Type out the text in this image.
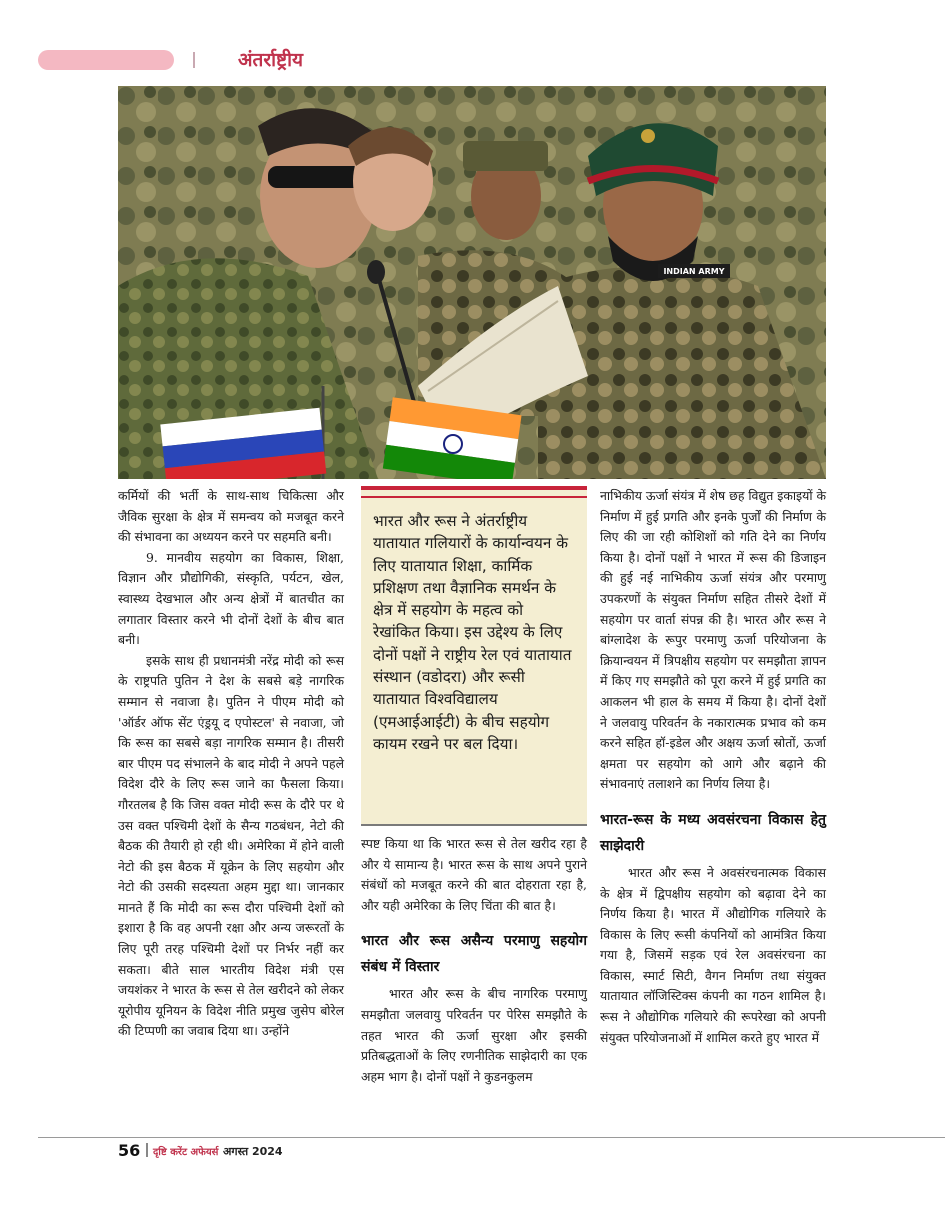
अंतर्राष्ट्रीय
INDIAN ARMY

कर्मियों की भर्ती के साथ-साथ चिकित्सा और जैविक सुरक्षा के क्षेत्र में समन्वय को मजबूत करने की संभावना का अध्ययन करने पर सहमति बनी।

9. मानवीय सहयोग का विकास, शिक्षा, विज्ञान और प्रौद्योगिकी, संस्कृति, पर्यटन, खेल, स्वास्थ्य देखभाल और अन्य क्षेत्रों में बातचीत का लगातार विस्तार करने भी दोनों देशों के बीच बात बनी।

इसके साथ ही प्रधानमंत्री नरेंद्र मोदी को रूस के राष्ट्रपति पुतिन ने देश के सबसे बड़े नागरिक सम्मान से नवाजा है। पुतिन ने पीएम मोदी को 'ऑर्डर ऑफ सेंट एंड्रयू द एपोस्टल' से नवाजा, जो कि रूस का सबसे बड़ा नागरिक सम्मान है। तीसरी बार पीएम पद संभालने के बाद मोदी ने अपने पहले विदेश दौरे के लिए रूस जाने का फैसला किया। गौरतलब है कि जिस वक्त मोदी रूस के दौरे पर थे उस वक्त पश्चिमी देशों के सैन्य गठबंधन, नेटो की बैठक की तैयारी हो रही थी। अमेरिका में होने वाली नेटो की इस बैठक में यूक्रेन के लिए सहयोग और नेटो की उसकी सदस्यता अहम मुद्दा था। जानकार मानते हैं कि मोदी का रूस दौरा पश्चिमी देशों को इशारा है कि वह अपनी रक्षा और अन्य जरूरतों के लिए पूरी तरह पश्चिमी देशों पर निर्भर नहीं कर सकता। बीते साल भारतीय विदेश मंत्री एस जयशंकर ने भारत के रूस से तेल खरीदने को लेकर यूरोपीय यूनियन के विदेश नीति प्रमुख जुसेप बोरेल की टिप्पणी का जवाब दिया था। उन्होंने

भारत और रूस ने अंतर्राष्ट्रीय यातायात गलियारों के कार्यान्वयन के लिए यातायात शिक्षा, कार्मिक प्रशिक्षण तथा वैज्ञानिक समर्थन के क्षेत्र में सहयोग के महत्व को रेखांकित किया। इस उद्देश्य के लिए दोनों पक्षों ने राष्ट्रीय रेल एवं यातायात संस्थान (वडोदरा) और रूसी यातायात विश्वविद्यालय (एमआईआईटी) के बीच सहयोग कायम रखने पर बल दिया।

स्पष्ट किया था कि भारत रूस से तेल खरीद रहा है और ये सामान्य है। भारत रूस के साथ अपने पुराने संबंधों को मजबूत करने की बात दोहराता रहा है, और यही अमेरिका के लिए चिंता की बात है।

भारत और रूस असैन्य परमाणु सहयोग संबंध में विस्तार

भारत और रूस के बीच नागरिक परमाणु समझौता जलवायु परिवर्तन पर पेरिस समझौते के तहत भारत की ऊर्जा सुरक्षा और इसकी प्रतिबद्धताओं के लिए रणनीतिक साझेदारी का एक अहम भाग है। दोनों पक्षों ने कुडनकुलम

नाभिकीय ऊर्जा संयंत्र में शेष छह विद्युत इकाइयों के निर्माण में हुई प्रगति और इनके पुर्जों की निर्माण के लिए की जा रही कोशिशों को गति देने का निर्णय किया है। दोनों पक्षों ने भारत में रूस की डिजाइन की हुई नई नाभिकीय ऊर्जा संयंत्र और परमाणु उपकरणों के संयुक्त निर्माण सहित तीसरे देशों में सहयोग पर वार्ता संपन्न की है। भारत और रूस ने बांग्लादेश के रूपुर परमाणु ऊर्जा परियोजना के क्रियान्वयन में त्रिपक्षीय सहयोग पर समझौता ज्ञापन में किए गए समझौते को पूरा करने में हुई प्रगति का आकलन भी हाल के समय में किया है। दोनों देशों ने जलवायु परिवर्तन के नकारात्मक प्रभाव को कम करने सहित हॉ-इडेल और अक्षय ऊर्जा स्रोतों, ऊर्जा क्षमता पर सहयोग को आगे और बढ़ाने की संभावनाएं तलाशने का निर्णय लिया है।

भारत-रूस के मध्य अवसंरचना विकास हेतु साझेदारी

भारत और रूस ने अवसंरचनात्मक विकास के क्षेत्र में द्विपक्षीय सहयोग को बढ़ावा देने का निर्णय किया है। भारत में औद्योगिक गलियारे के विकास के लिए रूसी कंपनियों को आमंत्रित किया गया है, जिसमें सड़क एवं रेल अवसंरचना का विकास, स्मार्ट सिटी, वैगन निर्माण तथा संयुक्त यातायात लॉजिस्टिक्स कंपनी का गठन शामिल है। रूस ने औद्योगिक गलियारे की रूपरेखा को अपनी संयुक्त परियोजनाओं में शामिल करते हुए भारत में

56 दृष्टि करेंट अफेयर्स अगस्त 2024
